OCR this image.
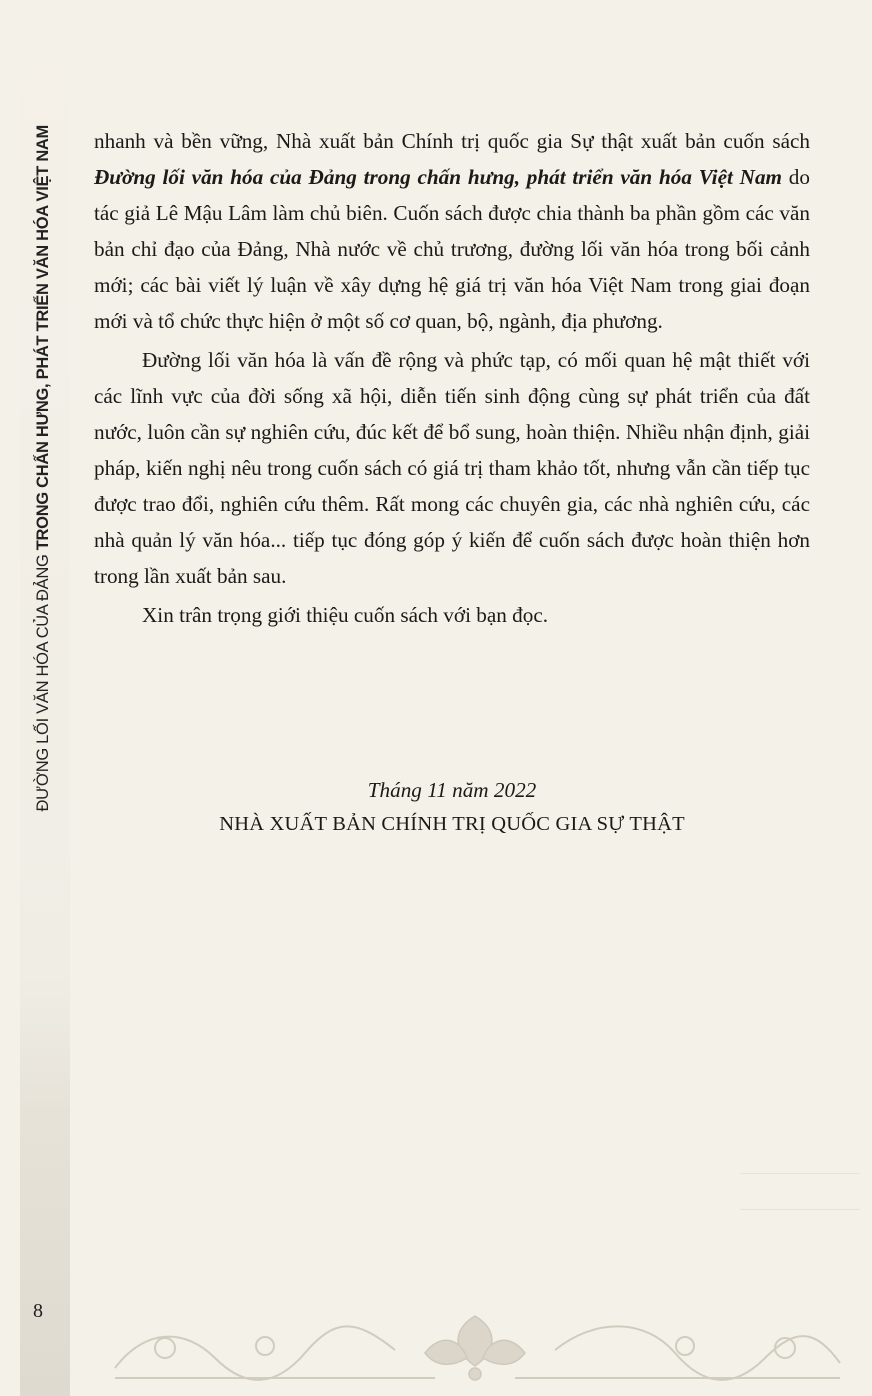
ĐƯỜNG LỐI VĂN HÓA CỦA ĐẢNG TRONG CHẤN HƯNG, PHÁT TRIỂN VĂN HÓA VIỆT NAM
8

nhanh và bền vững, Nhà xuất bản Chính trị quốc gia Sự thật xuất bản cuốn sách Đường lối văn hóa của Đảng trong chấn hưng, phát triển văn hóa Việt Nam do tác giả Lê Mậu Lâm làm chủ biên. Cuốn sách được chia thành ba phần gồm các văn bản chỉ đạo của Đảng, Nhà nước về chủ trương, đường lối văn hóa trong bối cảnh mới; các bài viết lý luận về xây dựng hệ giá trị văn hóa Việt Nam trong giai đoạn mới và tổ chức thực hiện ở một số cơ quan, bộ, ngành, địa phương.

Đường lối văn hóa là vấn đề rộng và phức tạp, có mối quan hệ mật thiết với các lĩnh vực của đời sống xã hội, diễn tiến sinh động cùng sự phát triển của đất nước, luôn cần sự nghiên cứu, đúc kết để bổ sung, hoàn thiện. Nhiều nhận định, giải pháp, kiến nghị nêu trong cuốn sách có giá trị tham khảo tốt, nhưng vẫn cần tiếp tục được trao đổi, nghiên cứu thêm. Rất mong các chuyên gia, các nhà nghiên cứu, các nhà quản lý văn hóa... tiếp tục đóng góp ý kiến để cuốn sách được hoàn thiện hơn trong lần xuất bản sau.

Xin trân trọng giới thiệu cuốn sách với bạn đọc.

Tháng 11 năm 2022
NHÀ XUẤT BẢN CHÍNH TRỊ QUỐC GIA SỰ THẬT
